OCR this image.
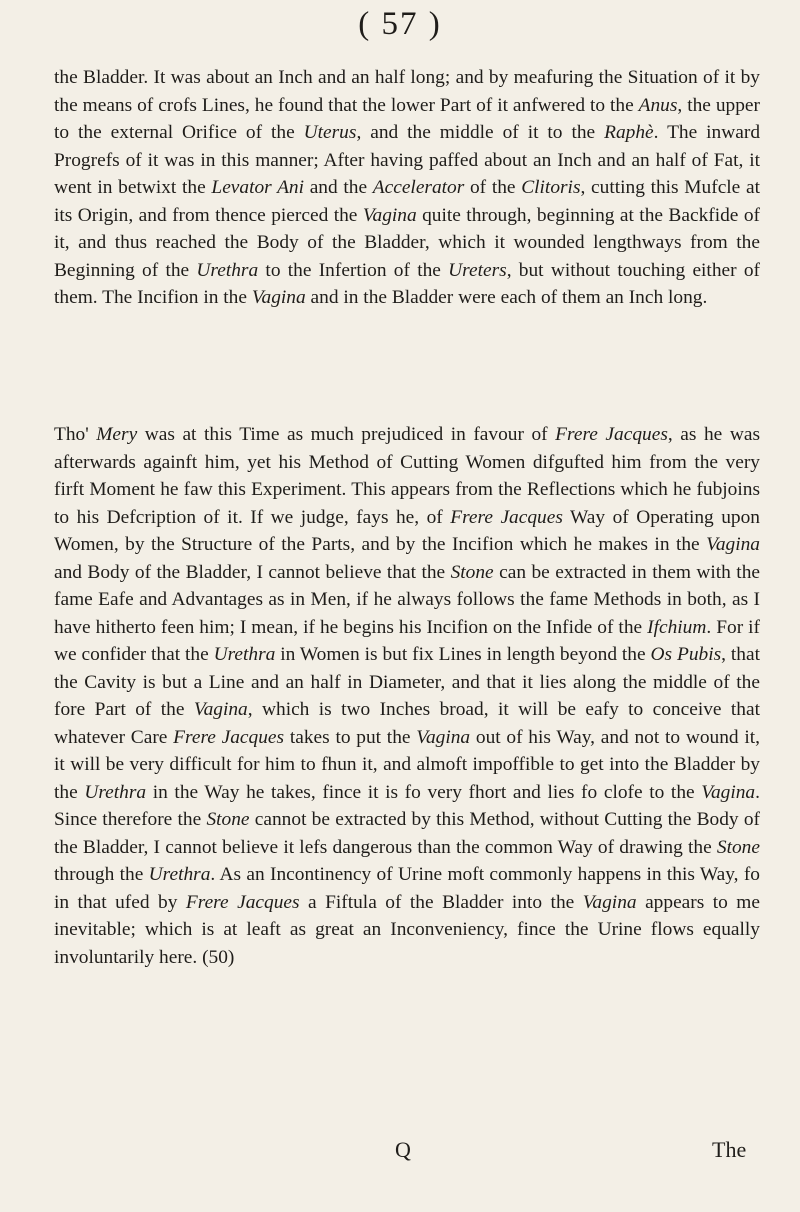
( 57 )

the Bladder. It was about an Inch and an half long; and by meafuring the Situation of it by the means of crofs Lines, he found that the lower Part of it anfwered to the Anus, the upper to the external Orifice of the Uterus, and the middle of it to the Raphè. The inward Progrefs of it was in this manner; After having paffed about an Inch and an half of Fat, it went in betwixt the Levator Ani and the Accelerator of the Clitoris, cutting this Mufcle at its Origin, and from thence pierced the Vagina quite through, beginning at the Backfide of it, and thus reached the Body of the Bladder, which it wounded lengthways from the Beginning of the Urethra to the Infertion of the Ureters, but without touching either of them. The Incifion in the Vagina and in the Bladder were each of them an Inch long.

Tho' Mery was at this Time as much prejudiced in favour of Frere Jacques, as he was afterwards againft him, yet his Method of Cutting Women difgufted him from the very firft Moment he faw this Experiment. This appears from the Reflections which he fubjoins to his Defcription of it. If we judge, fays he, of Frere Jacques Way of Operating upon Women, by the Structure of the Parts, and by the Incifion which he makes in the Vagina and Body of the Bladder, I cannot believe that the Stone can be extracted in them with the fame Eafe and Advantages as in Men, if he always follows the fame Methods in both, as I have hitherto feen him; I mean, if he begins his Incifion on the Infide of the Ifchium. For if we confider that the Urethra in Women is but fix Lines in length beyond the Os Pubis, that the Cavity is but a Line and an half in Diameter, and that it lies along the middle of the fore Part of the Vagina, which is two Inches broad, it will be eafy to conceive that whatever Care Frere Jacques takes to put the Vagina out of his Way, and not to wound it, it will be very difficult for him to fhun it, and almoft impoffible to get into the Bladder by the Urethra in the Way he takes, fince it is fo very fhort and lies fo clofe to the Vagina. Since therefore the Stone cannot be extracted by this Method, without Cutting the Body of the Bladder, I cannot believe it lefs dangerous than the common Way of drawing the Stone through the Urethra. As an Incontinency of Urine moft commonly happens in this Way, fo in that ufed by Frere Jacques a Fiftula of the Bladder into the Vagina appears to me inevitable; which is at leaft as great an Inconveniency, fince the Urine flows equally involuntarily here. (50)

Q	The
